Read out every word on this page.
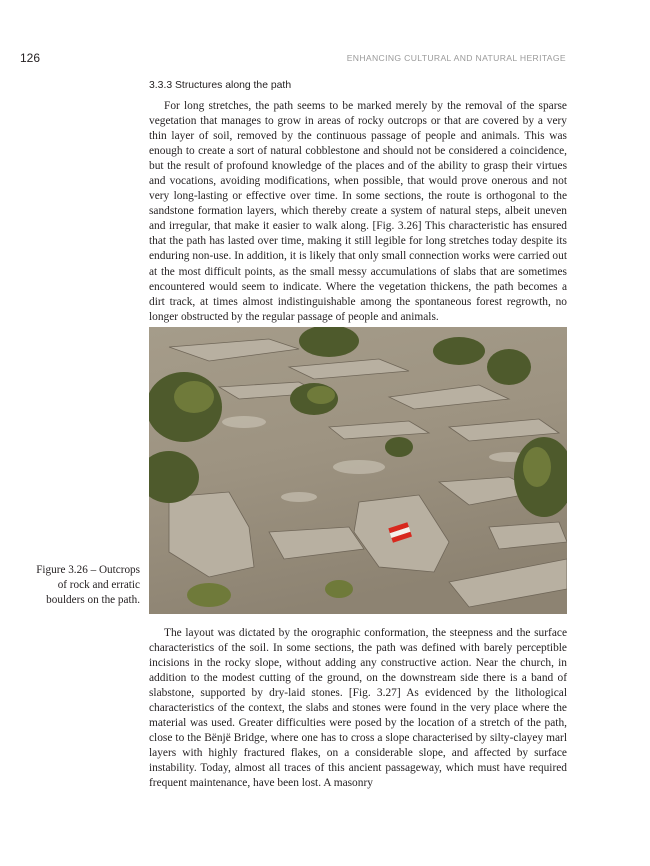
126	ENHANCING CULTURAL AND NATURAL HERITAGE
3.3.3 Structures along the path

For long stretches, the path seems to be marked merely by the removal of the sparse vegetation that manages to grow in areas of rocky outcrops or that are covered by a very thin layer of soil, removed by the continuous passage of people and animals. This was enough to create a sort of natural cobblestone and should not be considered a coincidence, but the result of profound knowledge of the places and of the ability to grasp their virtues and vocations, avoiding modifications, when possible, that would prove onerous and not very long-lasting or effective over time. In some sections, the route is orthogonal to the sandstone formation layers, which thereby create a system of natural steps, albeit uneven and irregular, that make it easier to walk along. [Fig. 3.26] This characteristic has ensured that the path has lasted over time, making it still legible for long stretches today despite its enduring non-use. In addition, it is likely that only small connection works were carried out at the most difficult points, as the small messy accumulations of slabs that are sometimes encountered would seem to indicate. Where the vegetation thickens, the path becomes a dirt track, at times almost indistinguishable among the spontaneous forest regrowth, no longer obstructed by the regular passage of people and animals.

Figure 3.26 – Outcrops of rock and erratic boulders on the path.

The layout was dictated by the orographic conformation, the steepness and the surface characteristics of the soil. In some sections, the path was defined with barely perceptible incisions in the rocky slope, without adding any constructive action. Near the church, in addition to the modest cutting of the ground, on the downstream side there is a band of slabstone, supported by dry-laid stones. [Fig. 3.27] As evidenced by the lithological characteristics of the context, the slabs and stones were found in the very place where the material was used. Greater difficulties were posed by the location of a stretch of the path, close to the Bënjë Bridge, where one has to cross a slope characterised by silty-clayey marl layers with highly fractured flakes, on a considerable slope, and affected by surface instability. Today, almost all traces of this ancient passageway, which must have required frequent maintenance, have been lost. A masonry
